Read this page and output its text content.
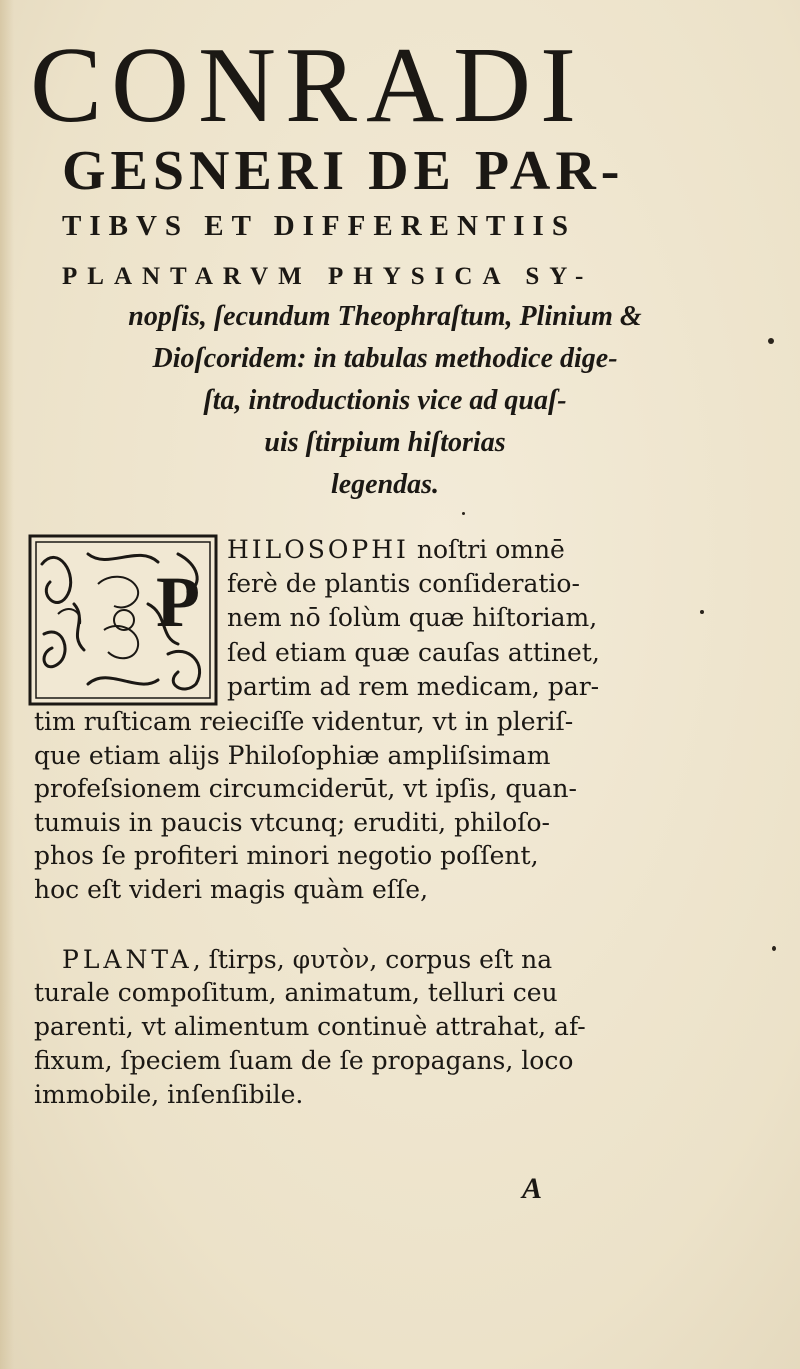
CONRADI
GESNERI DE PAR-
TIBVS ET DIFFERENTIIS
PLANTARVM PHYSICA SY-
nopſis, ſecundum Theophraſtum, Plinium &
Dioſcoridem: in tabulas methodice dige-
ſta, introductionis vice ad quaſ-
uis ſtirpium hiſtorias
legendas.
P
HILOSOPHI noſtri omnē
ferè de plantis conſideratio-
nem nō ſolùm quæ hiſtoriam,
ſed etiam quæ cauſas attinet,
partim ad rem medicam, par-
tim ruſticam reieciſſe videntur, vt in pleriſ-
que etiam alijs Philoſophiæ ampliſsimam
profeſsionem circumciderūt, vt ipſis, quan-
tumuis in paucis vtcunq; eruditi, philoſo-
phos ſe profiteri minori negotio poſſent,
hoc eſt videri magis quàm eſſe,
PLANTA, ſtirps, φυτὸν, corpus eſt na
turale compoſitum, animatum, telluri ceu
parenti, vt alimentum continuè attrahat, af-
fixum, ſpeciem ſuam de ſe propagans, loco
immobile, inſenſibile.
A
